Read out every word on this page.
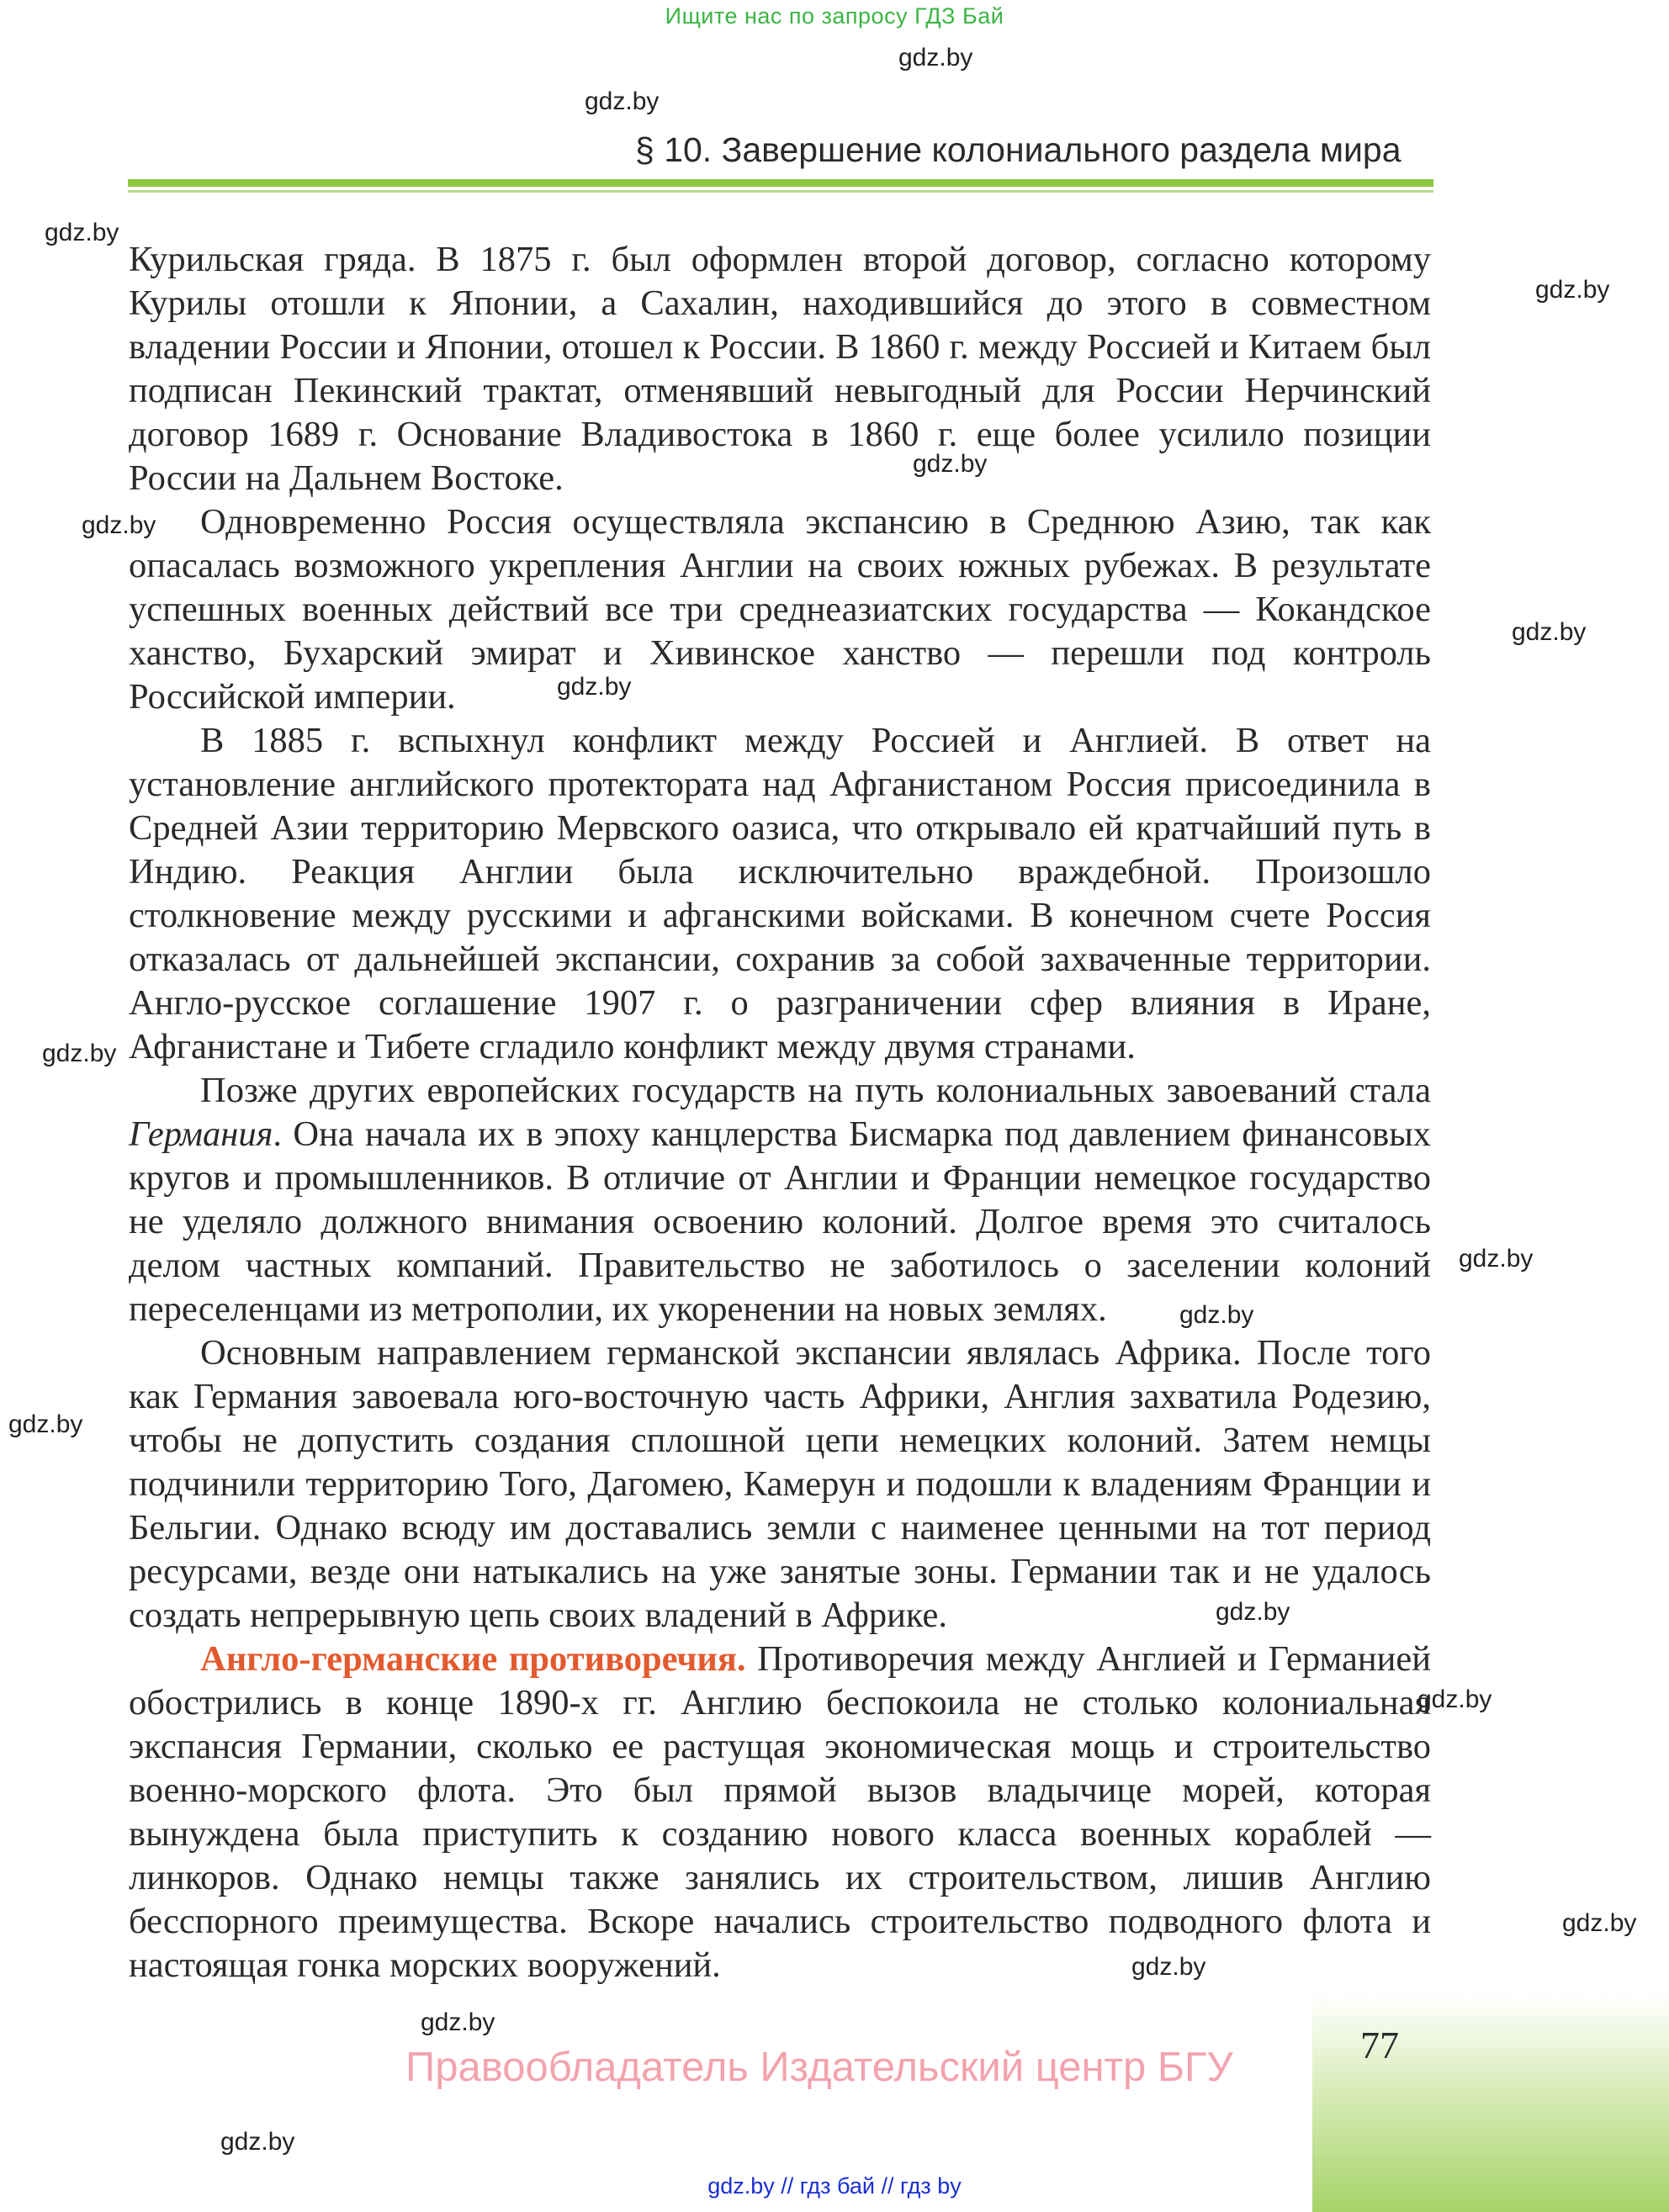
Ищите нас по запросу ГДЗ Бай
§ 10. Завершение колониального раздела мира

Курильская гряда. В 1875 г. был оформлен второй договор, согласно которому Курилы отошли к Японии, а Сахалин, находившийся до этого в совместном владении России и Японии, отошел к России. В 1860 г. между Россией и Китаем был подписан Пекинский трактат, отменявший невыгодный для России Нерчинский договор 1689 г. Основание Владивостока в 1860 г. еще более усилило позиции России на Дальнем Востоке.

Одновременно Россия осуществляла экспансию в Среднюю Азию, так как опасалась возможного укрепления Англии на своих южных рубежах. В результате успешных военных действий все три среднеазиатских государства — Кокандское ханство, Бухарский эмират и Хивинское ханство — перешли под контроль Российской империи.

В 1885 г. вспыхнул конфликт между Россией и Англией. В ответ на установление английского протектората над Афганистаном Россия присоединила в Средней Азии территорию Мервского оазиса, что открывало ей кратчайший путь в Индию. Реакция Англии была исключительно враждебной. Произошло столкновение между русскими и афганскими войсками. В конечном счете Россия отказалась от дальнейшей экспансии, сохранив за собой захваченные территории. Англо-русское соглашение 1907 г. о разграничении сфер влияния в Иране, Афганистане и Тибете сгладило конфликт между двумя странами.

Позже других европейских государств на путь колониальных завоеваний стала Германия. Она начала их в эпоху канцлерства Бисмарка под давлением финансовых кругов и промышленников. В отличие от Англии и Франции немецкое государство не уделяло должного внимания освоению колоний. Долгое время это считалось делом частных компаний. Правительство не заботилось о заселении колоний переселенцами из метрополии, их укоренении на новых землях.

Основным направлением германской экспансии являлась Африка. После того как Германия завоевала юго-восточную часть Африки, Англия захватила Родезию, чтобы не допустить создания сплошной цепи немецких колоний. Затем немцы подчинили территорию Того, Дагомею, Камерун и подошли к владениям Франции и Бельгии. Однако всюду им доставались земли с наименее ценными на тот период ресурсами, везде они натыкались на уже занятые зоны. Германии так и не удалось создать непрерывную цепь своих владений в Африке.

Англо-германские противоречия. Противоречия между Англией и Германией обострились в конце 1890-х гг. Англию беспокоила не столько колониальная экспансия Германии, сколько ее растущая экономическая мощь и строительство военно-морского флота. Это был прямой вызов владычице морей, которая вынуждена была приступить к созданию нового класса военных кораблей — линкоров. Однако немцы также занялись их строительством, лишив Англию бесспорного преимущества. Вскоре начались строительство подводного флота и настоящая гонка морских вооружений.

gdz.by
gdz.by
gdz.by
gdz.by
gdz.by
gdz.by
gdz.by
gdz.by
gdz.by
gdz.by
gdz.by
gdz.by
gdz.by
gdz.by
gdz.by
gdz.by
gdz.by
gdz.by
77
Правообладатель Издательский центр БГУ
gdz.by // гдз бай // гдз by
